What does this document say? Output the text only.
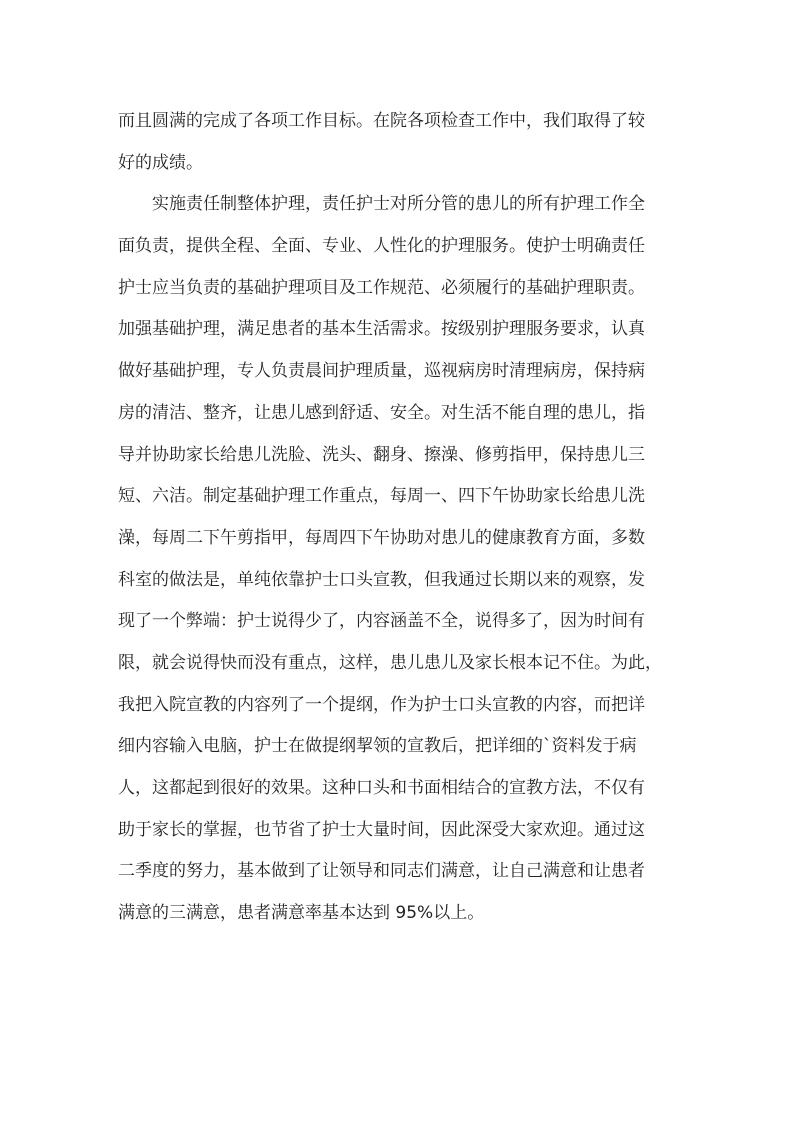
而且圆满的完成了各项工作目标。在院各项检查工作中，我们取得了较
好的成绩。
实施责任制整体护理，责任护士对所分管的患儿的所有护理工作全
面负责，提供全程、全面、专业、人性化的护理服务。使护士明确责任
护士应当负责的基础护理项目及工作规范、必须履行的基础护理职责。
加强基础护理，满足患者的基本生活需求。按级别护理服务要求，认真
做好基础护理，专人负责晨间护理质量，巡视病房时清理病房，保持病
房的清洁、整齐，让患儿感到舒适、安全。对生活不能自理的患儿，指
导并协助家长给患儿洗脸、洗头、翻身、擦澡、修剪指甲，保持患儿三
短、六洁。制定基础护理工作重点，每周一、四下午协助家长给患儿洗
澡，每周二下午剪指甲，每周四下午协助对患儿的健康教育方面，多数
科室的做法是，单纯依靠护士口头宣教，但我通过长期以来的观察，发
现了一个弊端：护士说得少了，内容涵盖不全，说得多了，因为时间有
限，就会说得快而没有重点，这样，患儿患儿及家长根本记不住。为此，
我把入院宣教的内容列了一个提纲，作为护士口头宣教的内容，而把详
细内容输入电脑，护士在做提纲挈领的宣教后，把详细的`资料发于病
人，这都起到很好的效果。这种口头和书面相结合的宣教方法，不仅有
助于家长的掌握，也节省了护士大量时间，因此深受大家欢迎。通过这
二季度的努力，基本做到了让领导和同志们满意，让自己满意和让患者
满意的三满意，患者满意率基本达到 95%以上。
